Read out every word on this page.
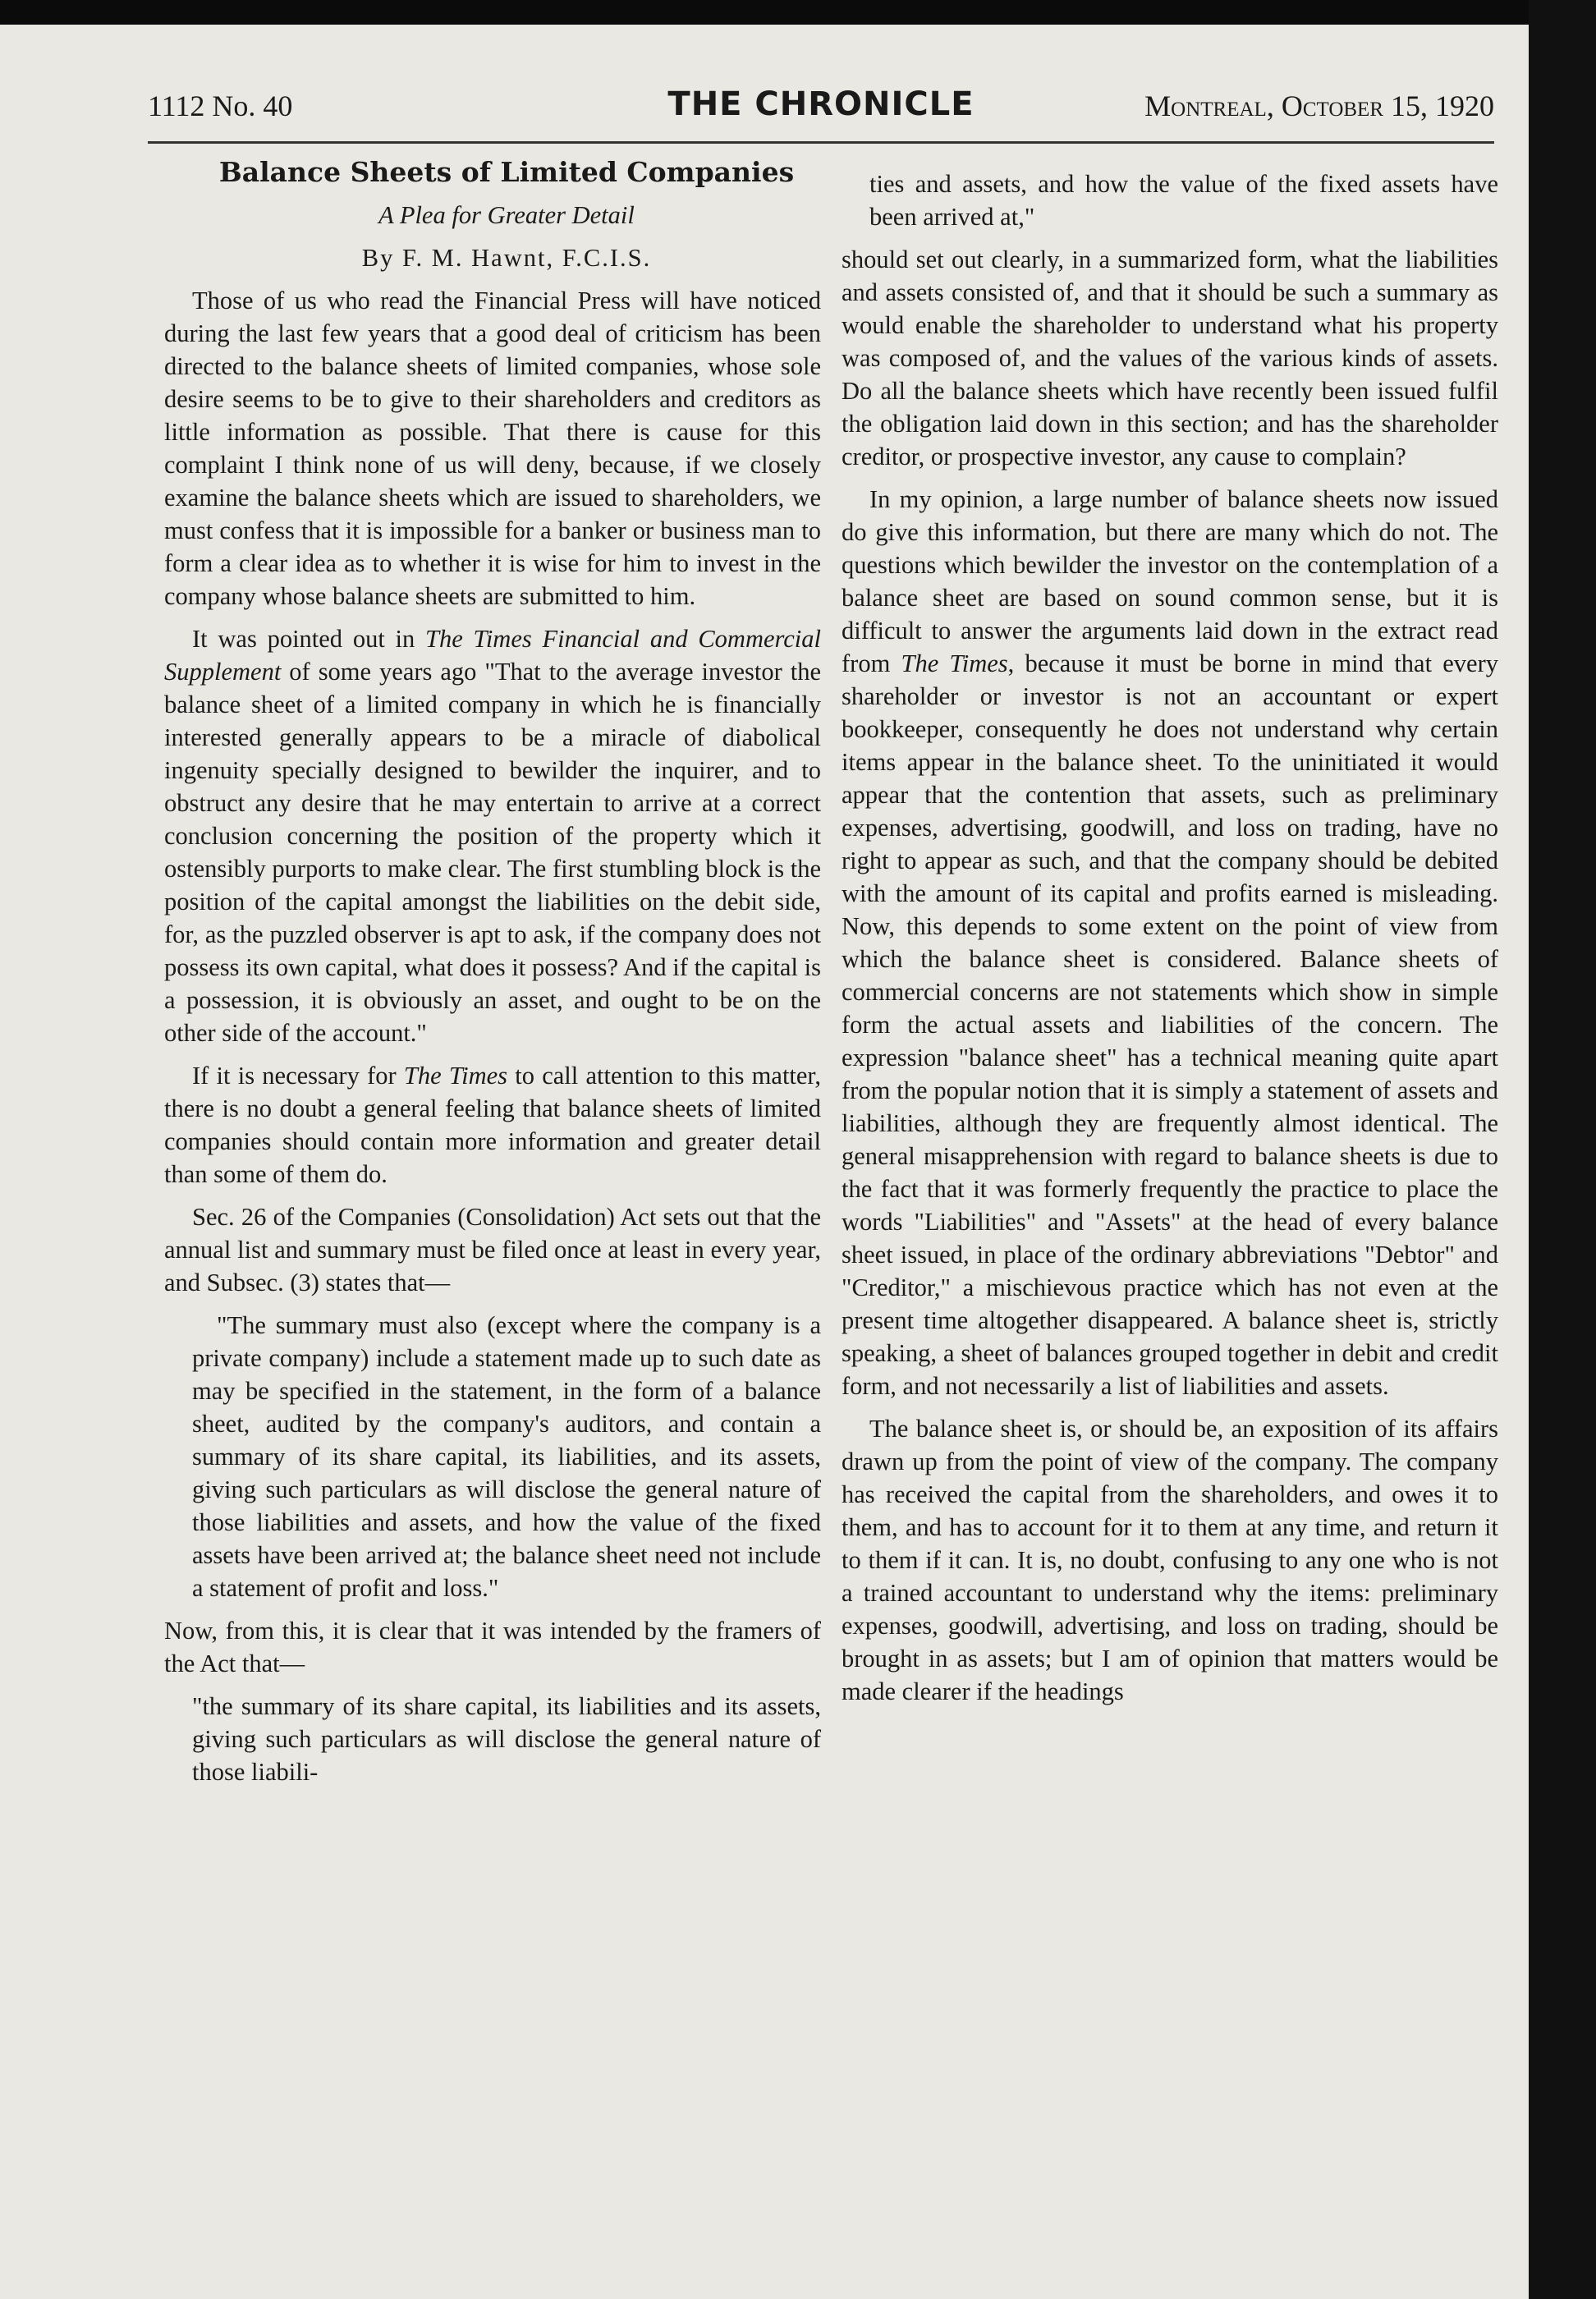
1112 No. 40	THE CHRONICLE	Montreal, October 15, 1920

Balance Sheets of Limited Companies

A Plea for Greater Detail

By F. M. Hawnt, F.C.I.S.

Those of us who read the Financial Press will have noticed during the last few years that a good deal of criticism has been directed to the balance sheets of limited companies, whose sole desire seems to be to give to their shareholders and creditors as little information as possible. That there is cause for this complaint I think none of us will deny, because, if we closely examine the balance sheets which are issued to shareholders, we must confess that it is impossible for a banker or business man to form a clear idea as to whether it is wise for him to invest in the company whose balance sheets are submitted to him.

It was pointed out in The Times Financial and Commercial Supplement of some years ago "That to the average investor the balance sheet of a limited company in which he is financially interested generally appears to be a miracle of diabolical ingenuity specially designed to bewilder the inquirer, and to obstruct any desire that he may entertain to arrive at a correct conclusion concerning the position of the property which it ostensibly purports to make clear. The first stumbling block is the position of the capital amongst the liabilities on the debit side, for, as the puzzled observer is apt to ask, if the company does not possess its own capital, what does it possess? And if the capital is a possession, it is obviously an asset, and ought to be on the other side of the account."

If it is necessary for The Times to call attention to this matter, there is no doubt a general feeling that balance sheets of limited companies should contain more information and greater detail than some of them do.

Sec. 26 of the Companies (Consolidation) Act sets out that the annual list and summary must be filed once at least in every year, and Subsec. (3) states that—

"The summary must also (except where the company is a private company) include a statement made up to such date as may be specified in the statement, in the form of a balance sheet, audited by the company's auditors, and contain a summary of its share capital, its liabilities, and its assets, giving such particulars as will disclose the general nature of those liabilities and assets, and how the value of the fixed assets have been arrived at; the balance sheet need not include a statement of profit and loss."

Now, from this, it is clear that it was intended by the framers of the Act that—

"the summary of its share capital, its liabilities and its assets, giving such particulars as will disclose the general nature of those liabili-

ties and assets, and how the value of the fixed assets have been arrived at,"

should set out clearly, in a summarized form, what the liabilities and assets consisted of, and that it should be such a summary as would enable the shareholder to understand what his property was composed of, and the values of the various kinds of assets. Do all the balance sheets which have recently been issued fulfil the obligation laid down in this section; and has the shareholder creditor, or prospective investor, any cause to complain?

In my opinion, a large number of balance sheets now issued do give this information, but there are many which do not. The questions which bewilder the investor on the contemplation of a balance sheet are based on sound common sense, but it is difficult to answer the arguments laid down in the extract read from The Times, because it must be borne in mind that every shareholder or investor is not an accountant or expert bookkeeper, consequently he does not understand why certain items appear in the balance sheet. To the uninitiated it would appear that the contention that assets, such as preliminary expenses, advertising, goodwill, and loss on trading, have no right to appear as such, and that the company should be debited with the amount of its capital and profits earned is misleading. Now, this depends to some extent on the point of view from which the balance sheet is considered. Balance sheets of commercial concerns are not statements which show in simple form the actual assets and liabilities of the concern. The expression "balance sheet" has a technical meaning quite apart from the popular notion that it is simply a statement of assets and liabilities, although they are frequently almost identical. The general misapprehension with regard to balance sheets is due to the fact that it was formerly frequently the practice to place the words "Liabilities" and "Assets" at the head of every balance sheet issued, in place of the ordinary abbreviations "Debtor" and "Creditor," a mischievous practice which has not even at the present time altogether disappeared. A balance sheet is, strictly speaking, a sheet of balances grouped together in debit and credit form, and not necessarily a list of liabilities and assets.

The balance sheet is, or should be, an exposition of its affairs drawn up from the point of view of the company. The company has received the capital from the shareholders, and owes it to them, and has to account for it to them at any time, and return it to them if it can. It is, no doubt, confusing to any one who is not a trained accountant to understand why the items: preliminary expenses, goodwill, advertising, and loss on trading, should be brought in as assets; but I am of opinion that matters would be made clearer if the headings
